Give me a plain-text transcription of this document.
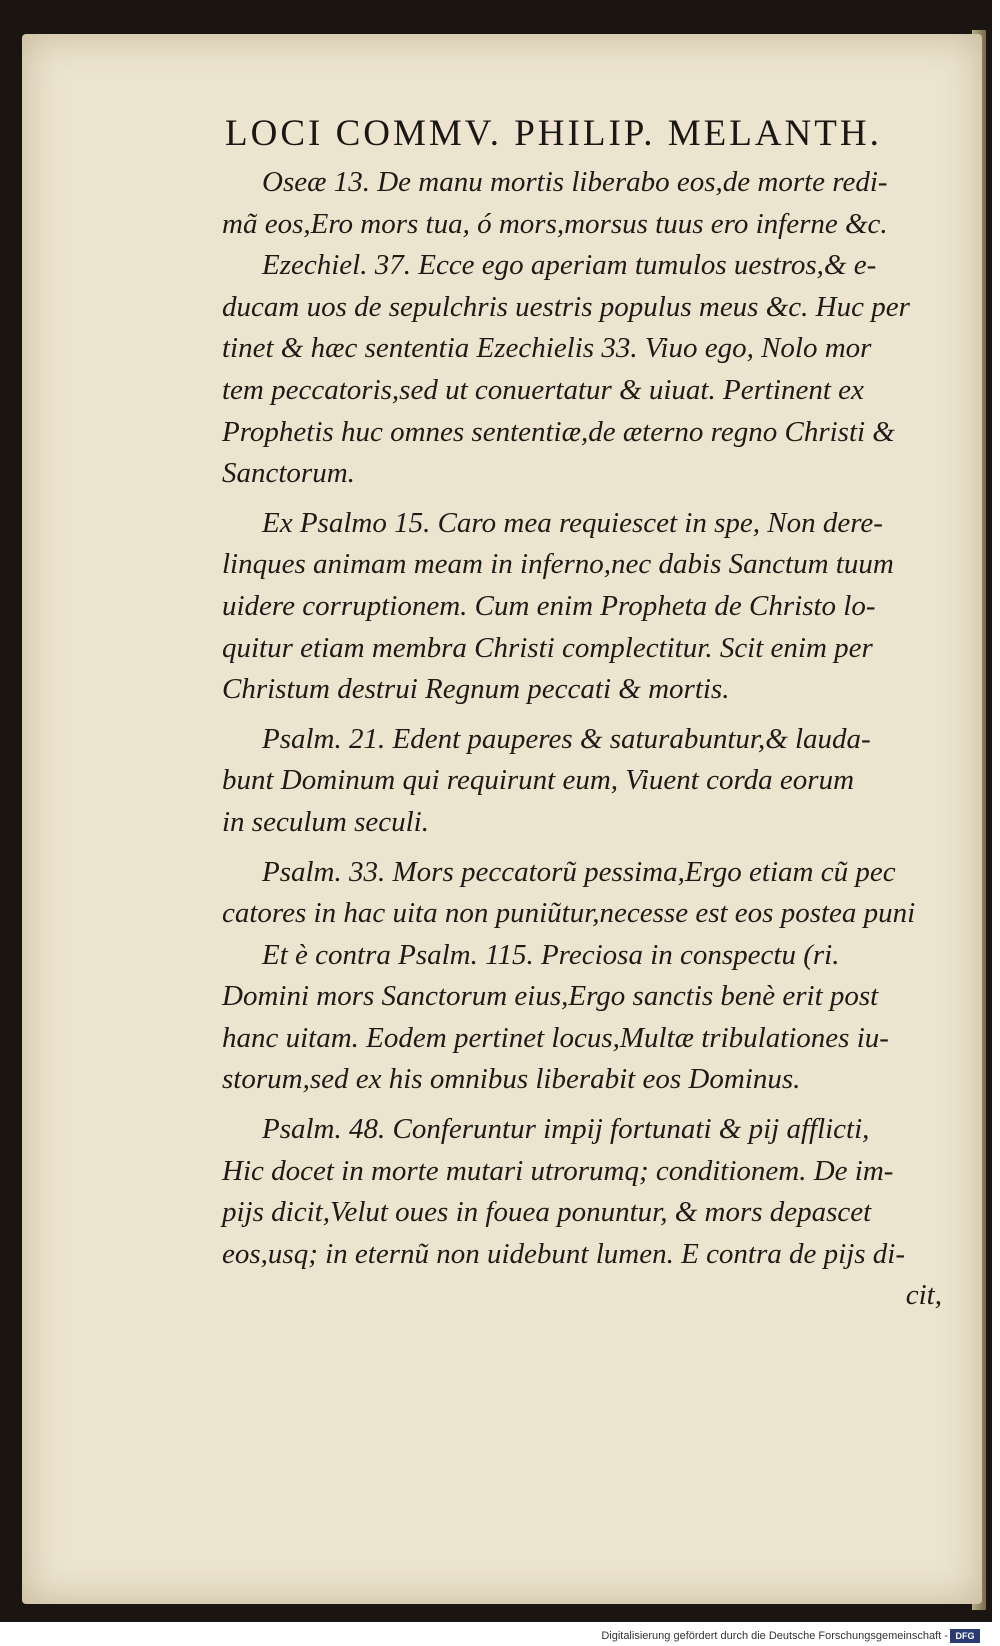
LOCI COMMV. PHILIP. MELANTH.
Oseæ 13. De manu mortis liberabo eos,de morte redi-
mã eos,Ero mors tua, ó mors,morsus tuus ero inferne &c.
Ezechiel. 37. Ecce ego aperiam tumulos uestros,& e-
ducam uos de sepulchris uestris populus meus &c. Huc per
tinet & hæc sententia Ezechielis 33. Viuo ego, Nolo mor
tem peccatoris,sed ut conuertatur & uiuat. Pertinent ex
Prophetis huc omnes sententiæ,de æterno regno Christi &
Sanctorum.
Ex Psalmo 15. Caro mea requiescet in spe, Non dere-
linques animam meam in inferno,nec dabis Sanctum tuum
uidere corruptionem. Cum enim Propheta de Christo lo-
quitur etiam membra Christi complectitur. Scit enim per
Christum destrui Regnum peccati & mortis.
Psalm. 21. Edent pauperes & saturabuntur,& lauda-
bunt Dominum qui requirunt eum, Viuent corda eorum
in seculum seculi.
Psalm. 33. Mors peccatorũ pessima,Ergo etiam cũ pec
catores in hac uita non puniũtur,necesse est eos postea puni
Et è contra Psalm. 115. Preciosa in conspectu (ri.
Domini mors Sanctorum eius,Ergo sanctis benè erit post
hanc uitam. Eodem pertinet locus,Multæ tribulationes iu-
storum,sed ex his omnibus liberabit eos Dominus.
Psalm. 48. Conferuntur impij fortunati & pij afflicti,
Hic docet in morte mutari utrorumq; conditionem. De im-
pijs dicit,Velut oues in fouea ponuntur, & mors depascet
eos,usq; in eternũ non uidebunt lumen. E contra de pijs di-
cit,
Digitalisierung gefördert durch die Deutsche Forschungsgemeinschaft - DFG
